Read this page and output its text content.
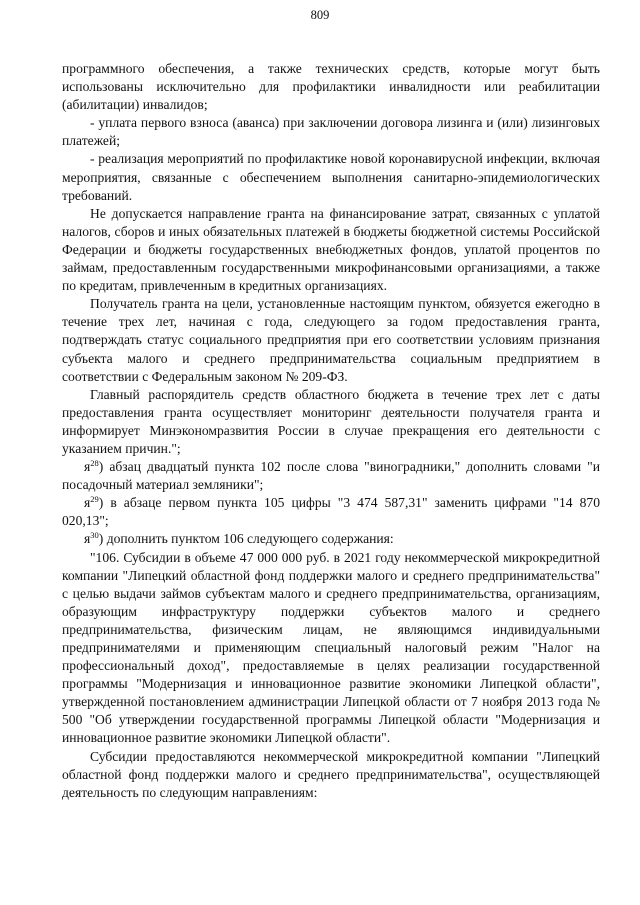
809

программного обеспечения, а также технических средств, которые могут быть использованы исключительно для профилактики инвалидности или реабилитации (абилитации) инвалидов;

- уплата первого взноса (аванса) при заключении договора лизинга и (или) лизинговых платежей;

- реализация мероприятий по профилактике новой коронавирусной инфекции, включая мероприятия, связанные с обеспечением выполнения санитарно-эпидемиологических требований.

Не допускается направление гранта на финансирование затрат, связанных с уплатой налогов, сборов и иных обязательных платежей в бюджеты бюджетной системы Российской Федерации и бюджеты государственных внебюджетных фондов, уплатой процентов по займам, предоставленным государственными микрофинансовыми организациями, а также по кредитам, привлеченным в кредитных организациях.

Получатель гранта на цели, установленные настоящим пунктом, обязуется ежегодно в течение трех лет, начиная с года, следующего за годом предоставления гранта, подтверждать статус социального предприятия при его соответствии условиям признания субъекта малого и среднего предпринимательства социальным предприятием в соответствии с Федеральным законом № 209-ФЗ.

Главный распорядитель средств областного бюджета в течение трех лет с даты предоставления гранта осуществляет мониторинг деятельности получателя гранта и информирует Минэкономразвития России в случае прекращения его деятельности с указанием причин.";

$я^{28}$) абзац двадцатый пункта 102 после слова "виноградники," дополнить словами "и посадочный материал земляники";

$я^{29}$) в абзаце первом пункта 105 цифры "3 474 587,31" заменить цифрами "14 870 020,13";

$я^{30}$) дополнить пунктом 106 следующего содержания:

"106. Субсидии в объеме 47 000 000 руб. в 2021 году некоммерческой микрокредитной компании "Липецкий областной фонд поддержки малого и среднего предпринимательства" с целью выдачи займов субъектам малого и среднего предпринимательства, организациям, образующим инфраструктуру поддержки субъектов малого и среднего предпринимательства, физическим лицам, не являющимся индивидуальными предпринимателями и применяющим специальный налоговый режим "Налог на профессиональный доход", предоставляемые в целях реализации государственной программы "Модернизация и инновационное развитие экономики Липецкой области", утвержденной постановлением администрации Липецкой области от 7 ноября 2013 года № 500 "Об утверждении государственной программы Липецкой области "Модернизация и инновационное развитие экономики Липецкой области".

Субсидии предоставляются некоммерческой микрокредитной компании "Липецкий областной фонд поддержки малого и среднего предпринимательства", осуществляющей деятельность по следующим направлениям:
